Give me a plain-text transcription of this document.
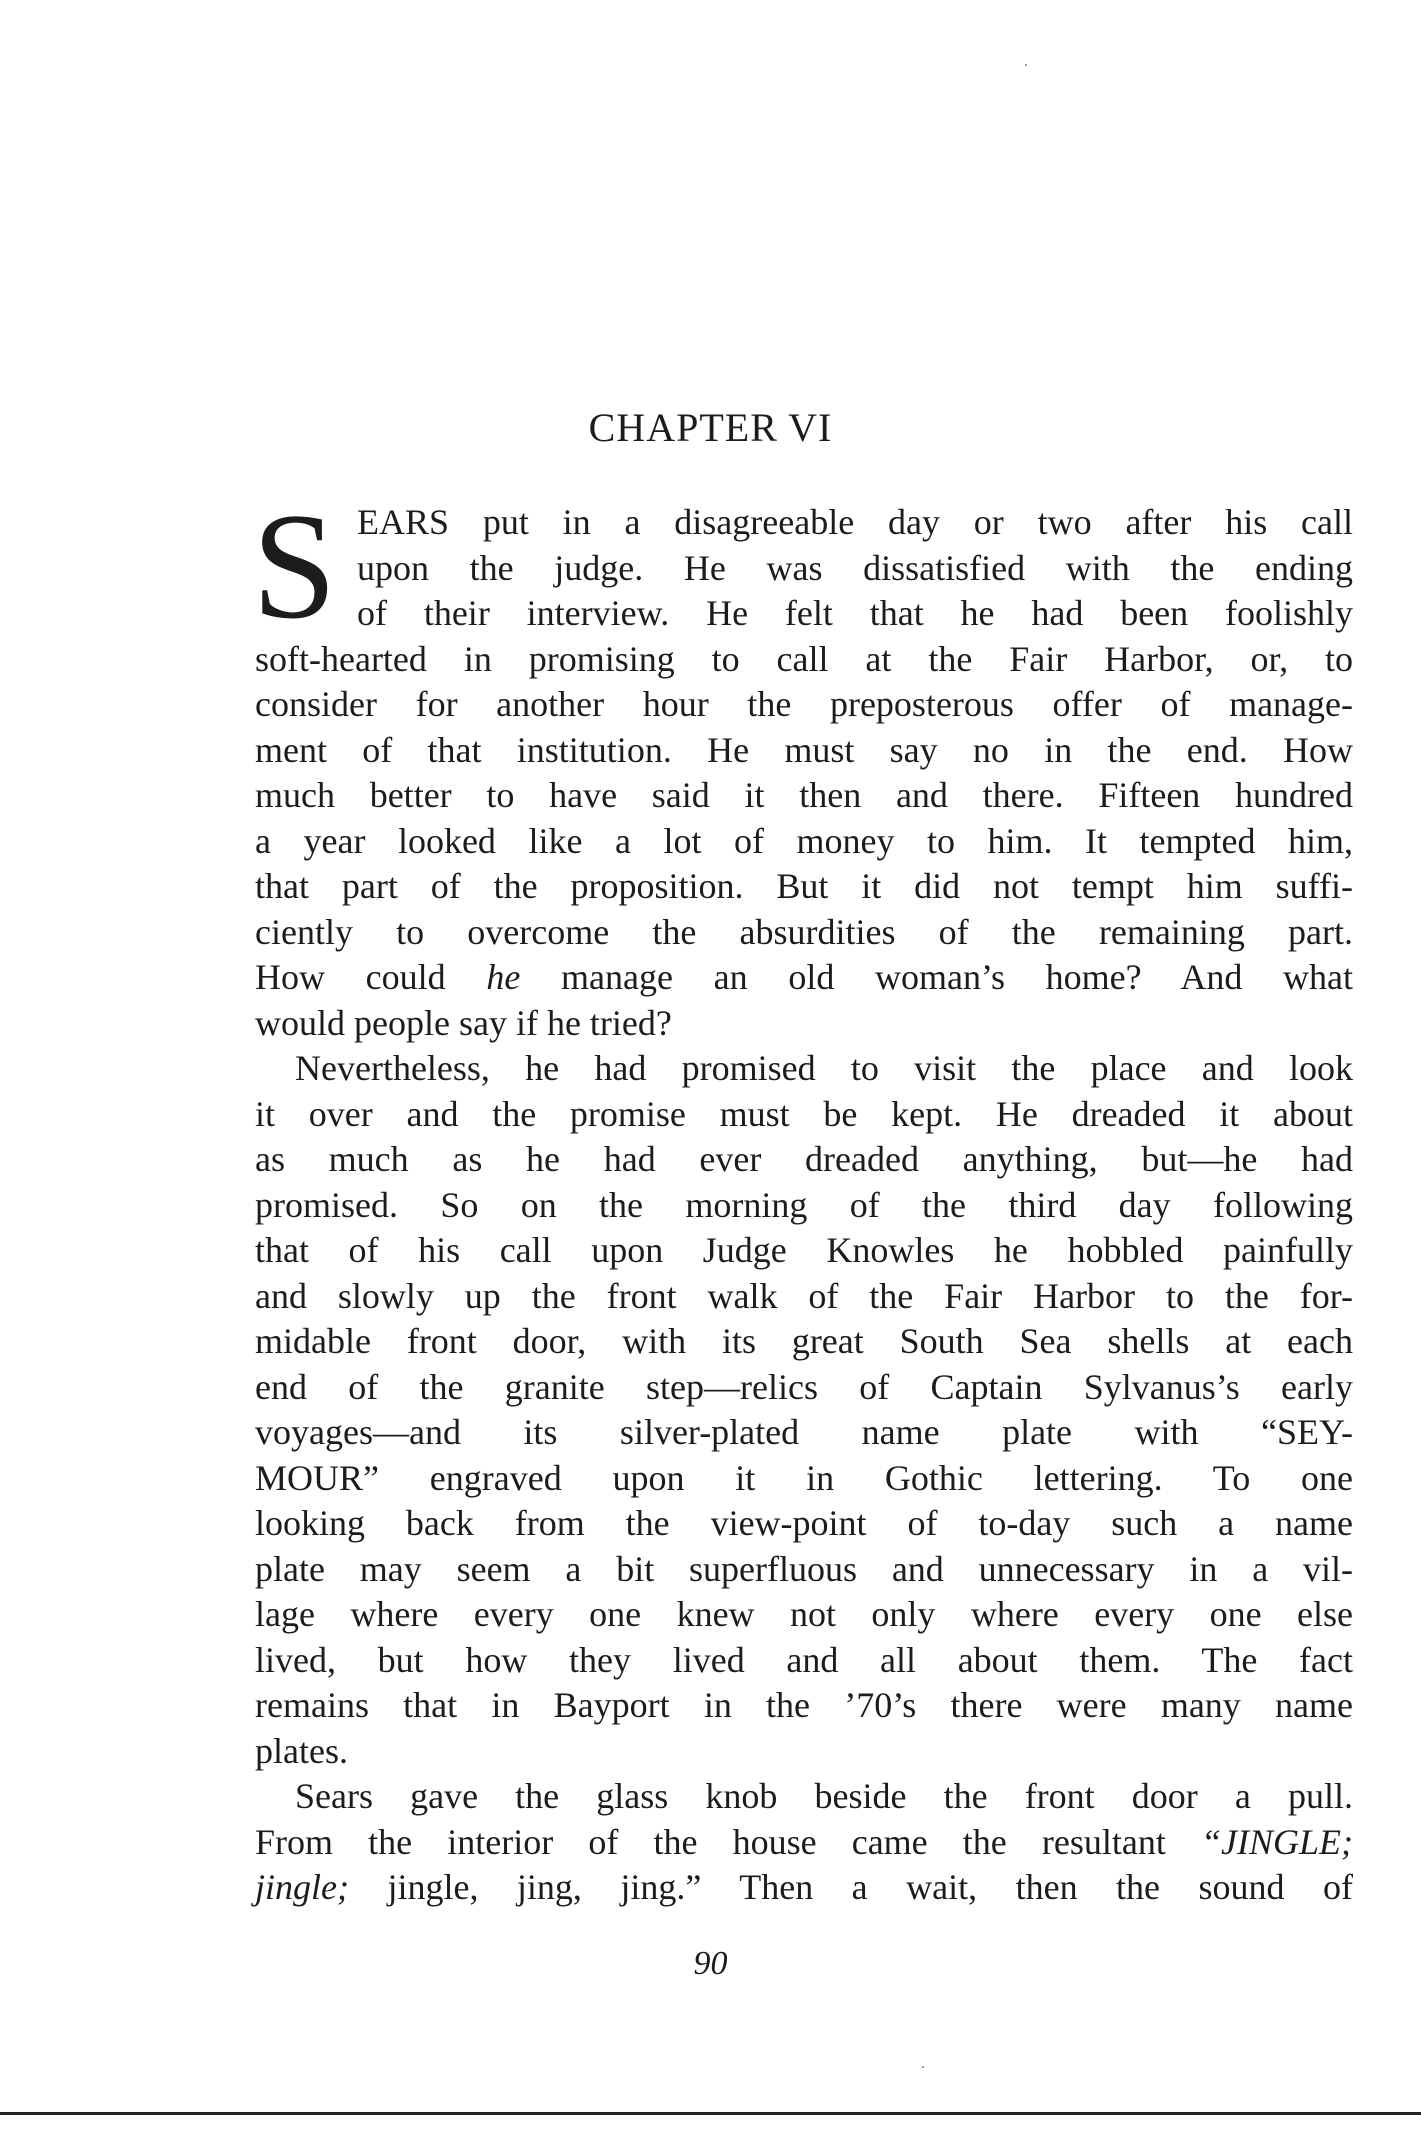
CHAPTER VI
S EARS put in a disagreeable day or two after his call
upon the judge. He was dissatisfied with the ending
of their interview. He felt that he had been foolishly
soft-hearted in promising to call at the Fair Harbor, or, to
consider for another hour the preposterous offer of manage-
ment of that institution. He must say no in the end. How
much better to have said it then and there. Fifteen hundred
a year looked like a lot of money to him. It tempted him,
that part of the proposition. But it did not tempt him suffi-
ciently to overcome the absurdities of the remaining part.
How could he manage an old woman’s home? And what
would people say if he tried?
Nevertheless, he had promised to visit the place and look
it over and the promise must be kept. He dreaded it about
as much as he had ever dreaded anything, but—he had
promised. So on the morning of the third day following
that of his call upon Judge Knowles he hobbled painfully
and slowly up the front walk of the Fair Harbor to the for-
midable front door, with its great South Sea shells at each
end of the granite step—relics of Captain Sylvanus’s early
voyages—and its silver-plated name plate with “SEY-
MOUR” engraved upon it in Gothic lettering. To one
looking back from the view-point of to-day such a name
plate may seem a bit superfluous and unnecessary in a vil-
lage where every one knew not only where every one else
lived, but how they lived and all about them. The fact
remains that in Bayport in the ’70’s there were many name
plates.
Sears gave the glass knob beside the front door a pull.
From the interior of the house came the resultant “JINGLE;
jingle; jingle, jing, jing.” Then a wait, then the sound of

90
